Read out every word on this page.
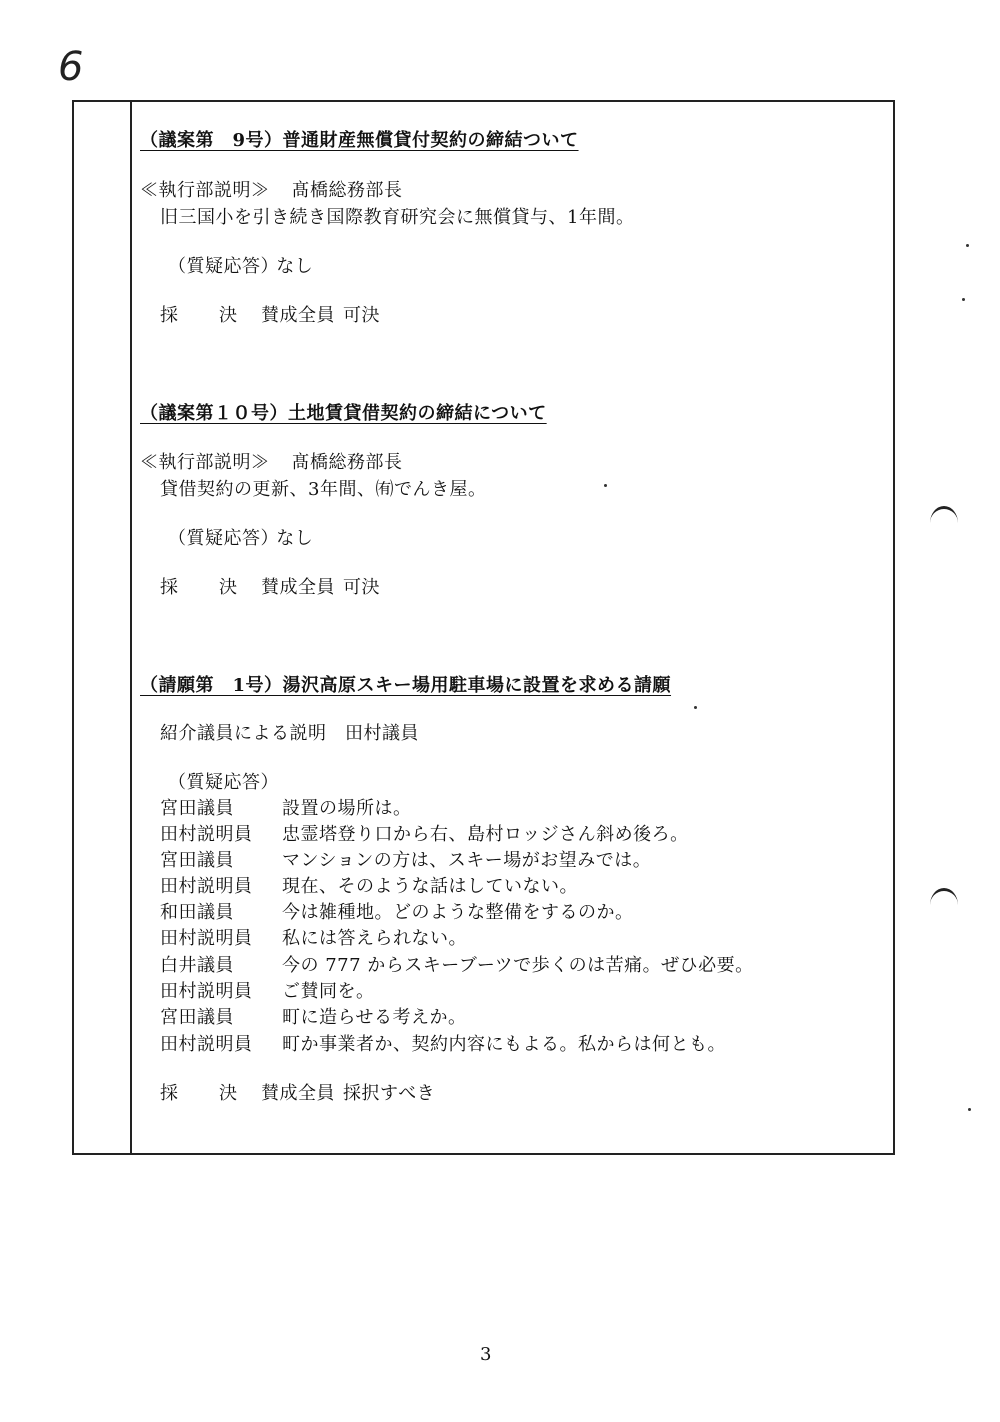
6
（議案第　9号）普通財産無償貸付契約の締結ついて
≪執行部説明≫ 髙橋総務部長
旧三国小を引き続き国際教育研究会に無償貸与、1年間。
（質疑応答） なし
採 決 賛成全員 可決
（議案第１０号）土地賃貸借契約の締結について
≪執行部説明≫ 髙橋総務部長
貸借契約の更新、3年間、㈲でんき屋。
（質疑応答） なし
採 決 賛成全員 可決
（請願第　1号）湯沢高原スキー場用駐車場に設置を求める請願
紹介議員による説明　田村議員
（質疑応答）
宮田議員	設置の場所は。
田村説明員 忠霊塔登り口から右、島村ロッジさん斜め後ろ。
宮田議員	マンションの方は、スキー場がお望みでは。
田村説明員 現在、そのような話はしていない。
和田議員	今は雑種地。どのような整備をするのか。
田村説明員 私には答えられない。
白井議員	今の 777 からスキーブーツで歩くのは苦痛。ぜひ必要。
田村説明員 ご賛同を。
宮田議員	町に造らせる考えか。
田村説明員 町か事業者か、契約内容にもよる。私からは何とも。
採 決 賛成全員 採択すべき
3
